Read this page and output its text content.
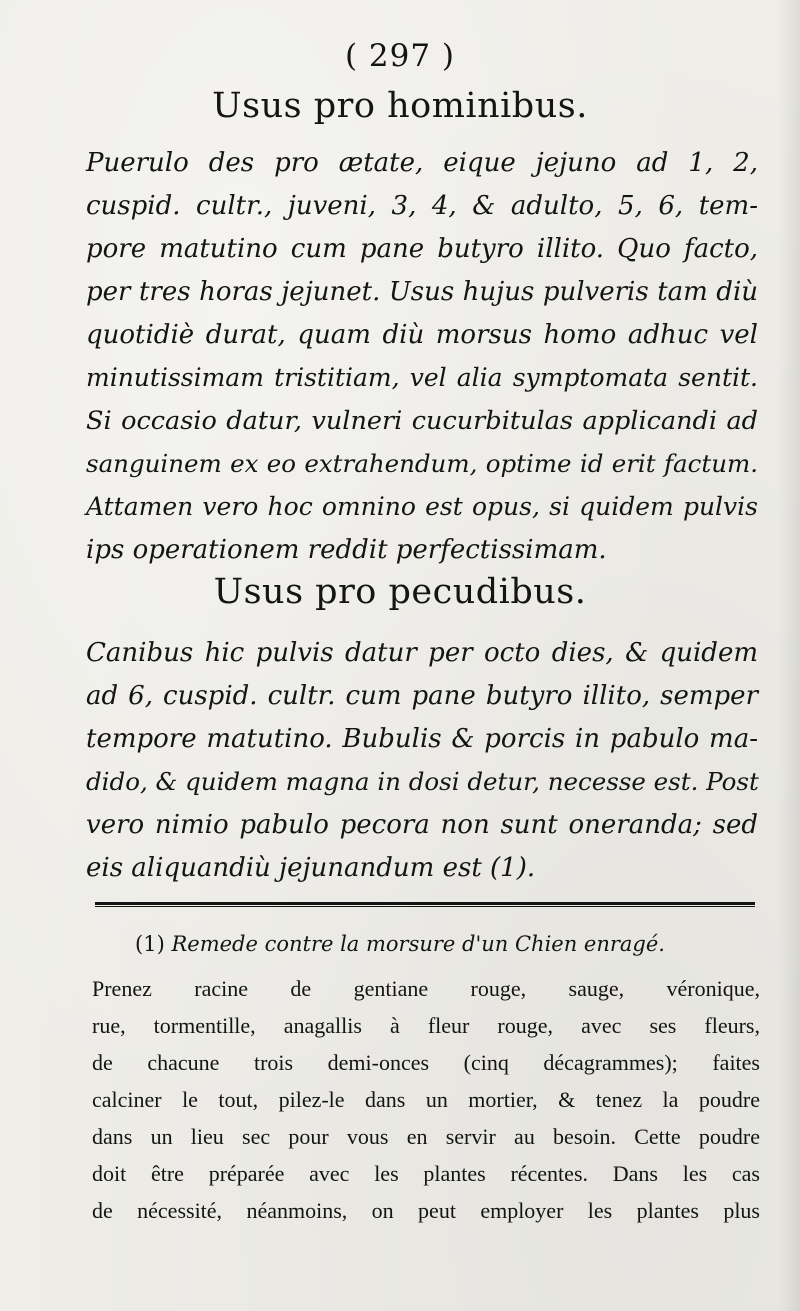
( 297 )
Usus pro hominibus.
Puerulo des pro ætate, eique jejuno ad 1, 2,
cuspid. cultr., juveni, 3, 4, & adulto, 5, 6, tem-
pore matutino cum pane butyro illito. Quo facto,
per tres horas jejunet. Usus hujus pulveris tam diù
quotidiè durat, quam diù morsus homo adhuc vel
minutissimam tristitiam, vel alia symptomata sentit.
Si occasio datur, vulneri cucurbitulas applicandi ad
sanguinem ex eo extrahendum, optime id erit factum.
Attamen vero hoc omnino est opus, si quidem pulvis
ips operationem reddit perfectissimam.
Usus pro pecudibus.
Canibus hic pulvis datur per octo dies, & quidem
ad 6, cuspid. cultr. cum pane butyro illito, semper
tempore matutino. Bubulis & porcis in pabulo ma-
dido, & quidem magna in dosi detur, necesse est. Post
vero nimio pabulo pecora non sunt oneranda; sed
eis aliquandiù jejunandum est (1).
(1) Remede contre la morsure d'un Chien enragé.
Prenez racine de gentiane rouge, sauge, véronique,
rue, tormentille, anagallis à fleur rouge, avec ses fleurs,
de chacune trois demi-onces (cinq décagrammes); faites
calciner le tout, pilez-le dans un mortier, & tenez la poudre
dans un lieu sec pour vous en servir au besoin. Cette poudre
doit être préparée avec les plantes récentes. Dans les cas
de nécessité, néanmoins, on peut employer les plantes plus
